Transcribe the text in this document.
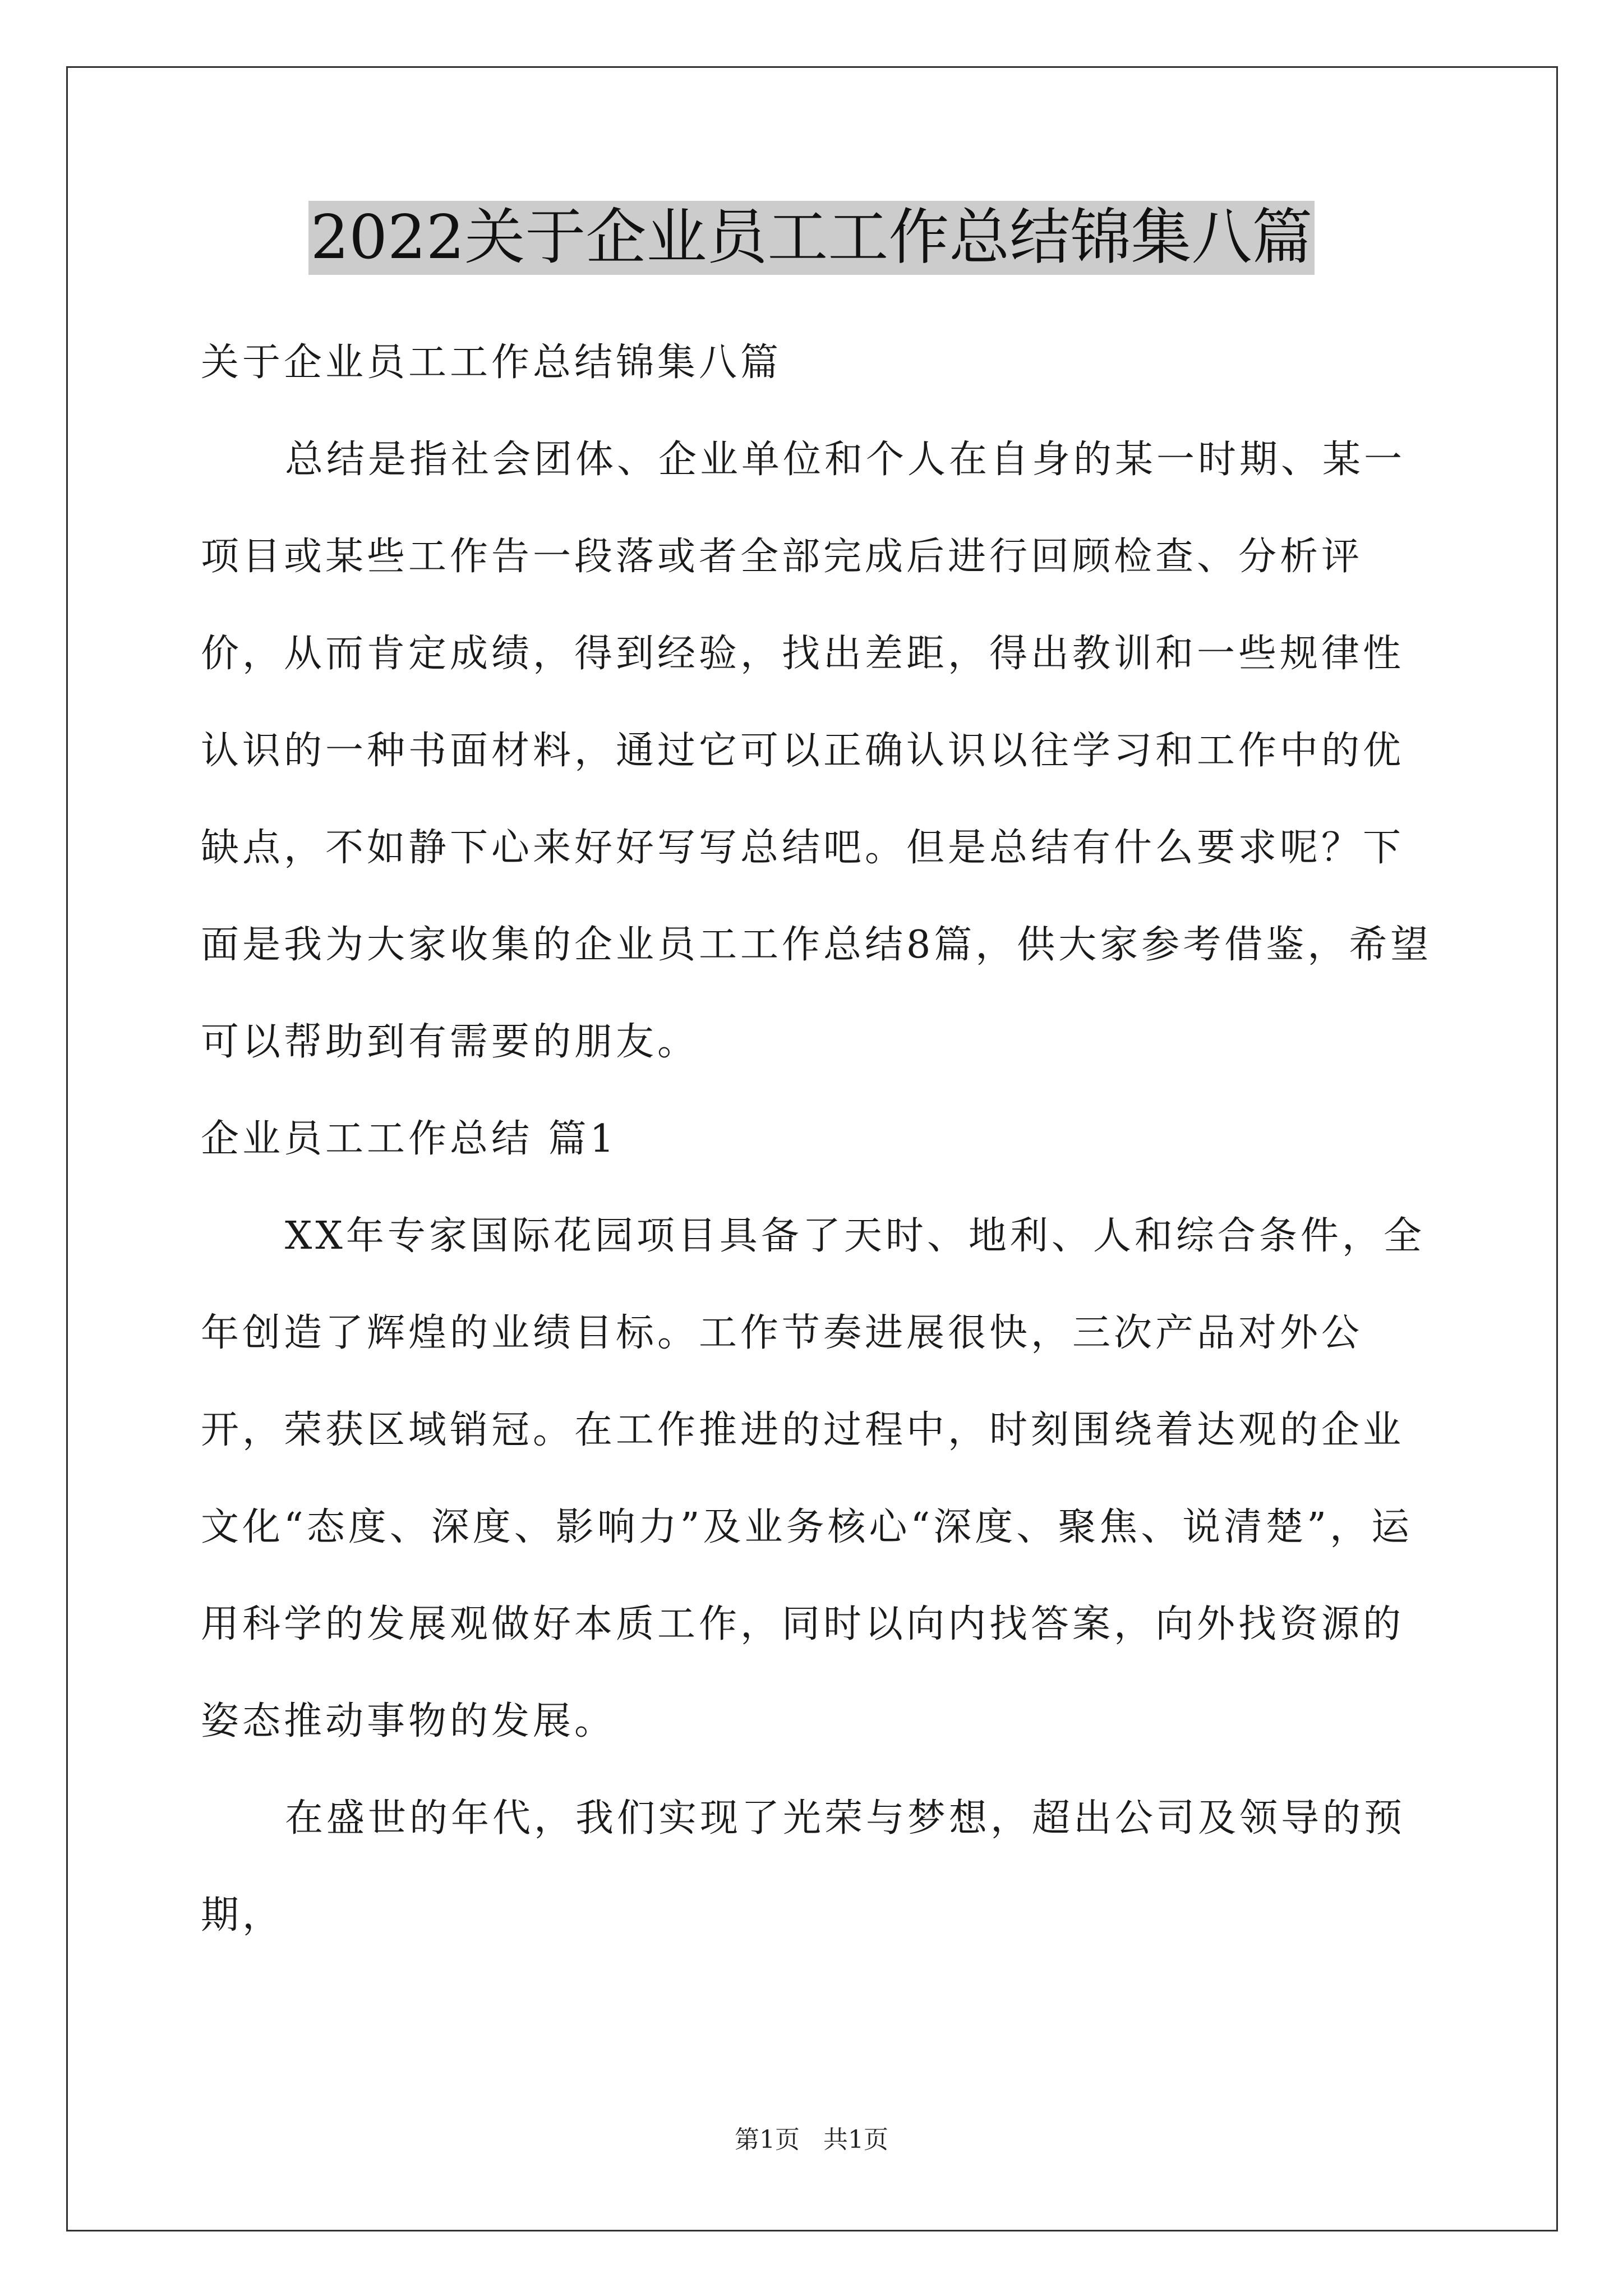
2022关于企业员工工作总结锦集八篇

关于企业员工工作总结锦集八篇

总结是指社会团体、企业单位和个人在自身的某一时期、某一项目或某些工作告一段落或者全部完成后进行回顾检查、分析评价，从而肯定成绩，得到经验，找出差距，得出教训和一些规律性认识的一种书面材料，通过它可以正确认识以往学习和工作中的优缺点，不如静下心来好好写写总结吧。但是总结有什么要求呢？下面是我为大家收集的企业员工工作总结8篇，供大家参考借鉴，希望可以帮助到有需要的朋友。

企业员工工作总结 篇1

XX年专家国际花园项目具备了天时、地利、人和综合条件，全年创造了辉煌的业绩目标。工作节奏进展很快，三次产品对外公开，荣获区域销冠。在工作推进的过程中，时刻围绕着达观的企业文化“态度、深度、影响力”及业务核心“深度、聚焦、说清楚”，运用科学的发展观做好本质工作，同时以向内找答案，向外找资源的姿态推动事物的发展。

在盛世的年代，我们实现了光荣与梦想，超出公司及领导的预期，

第1页   共1页
